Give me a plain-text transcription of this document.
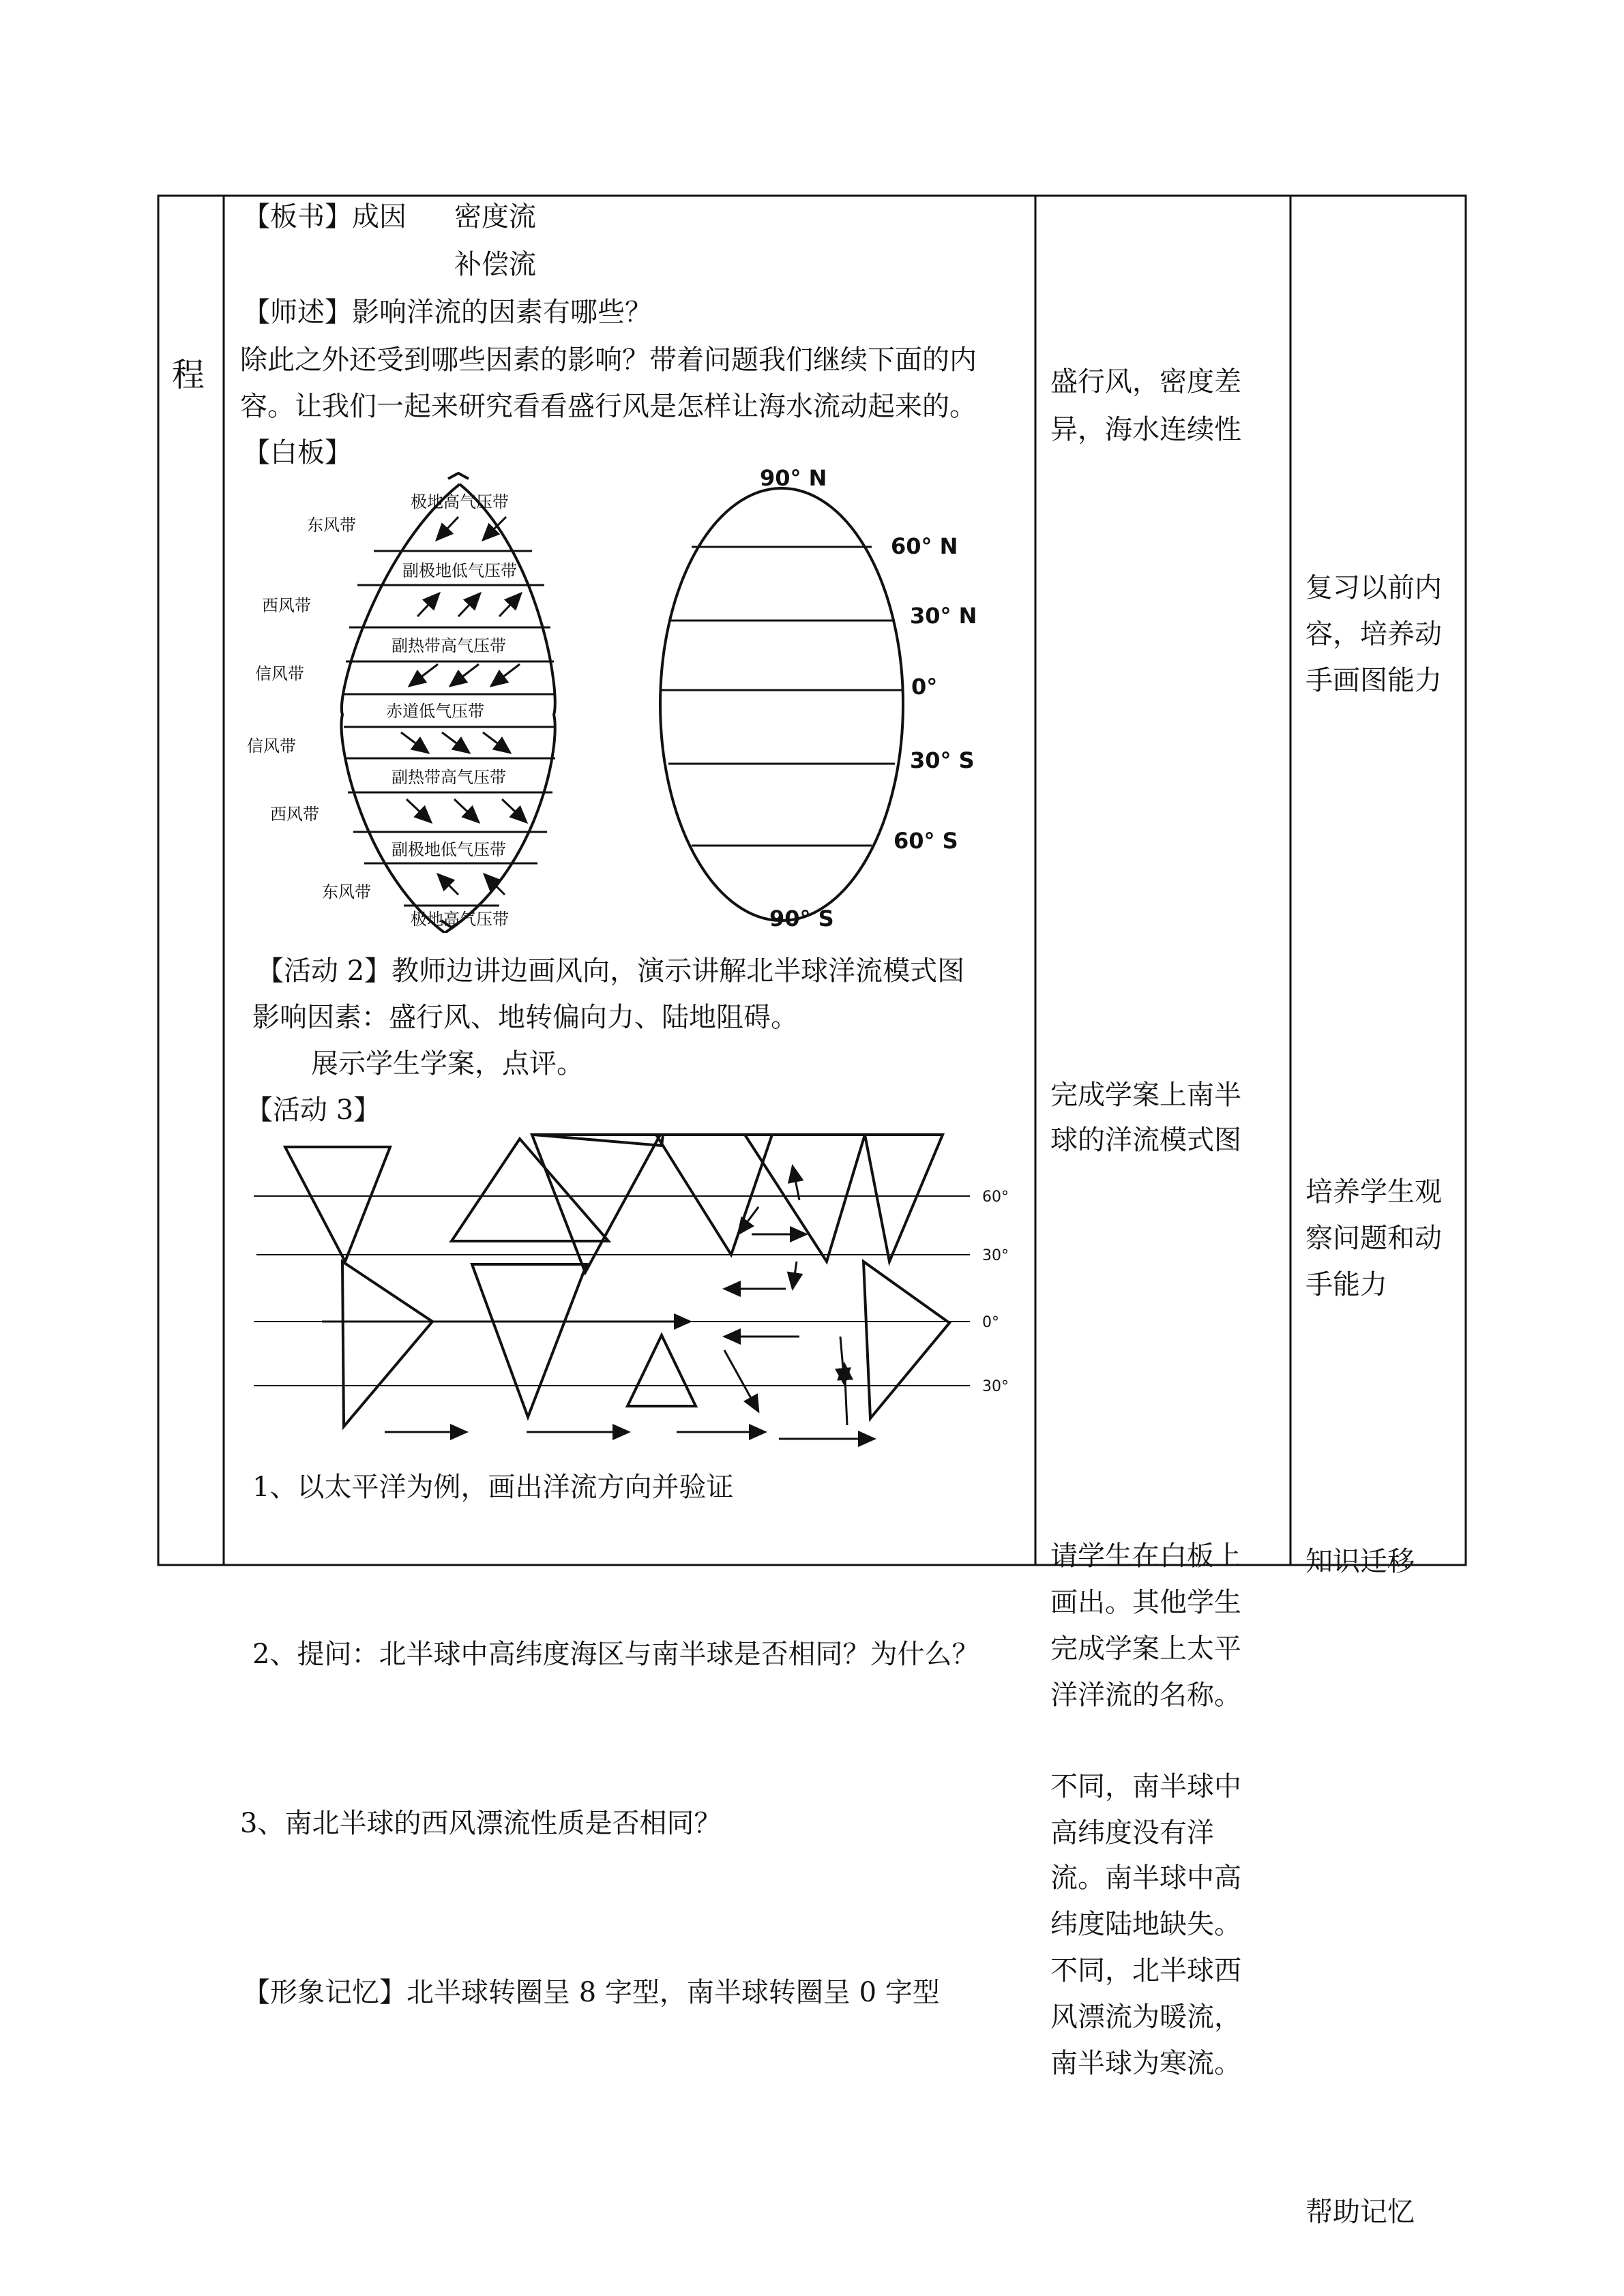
程
【板书】成因 密度流
补偿流
【师述】影响洋流的因素有哪些？
除此之外还受到哪些因素的影响？带着问题我们继续下面的内
容。让我们一起来研究看看盛行风是怎样让海水流动起来的。
【白板】
极地高气压带
副极地低气压带
副热带高气压带
赤道低气压带
副热带高气压带
副极地低气压带
极地高气压带
东风带
西风带
信风带
信风带
西风带
东风带
90° N
60° N
30° N
0°
30° S
60° S
90° S
【活动 2】教师边讲边画风向，演示讲解北半球洋流模式图
影响因素：盛行风、地转偏向力、陆地阻碍。
展示学生学案，点评。
【活动 3】
60°
30°
0°
30°
1、以太平洋为例，画出洋流方向并验证
2、提问：北半球中高纬度海区与南半球是否相同？为什么？
3、南北半球的西风漂流性质是否相同？
【形象记忆】北半球转圈呈 8 字型，南半球转圈呈 0 字型
盛行风，密度差
异，海水连续性
完成学案上南半
球的洋流模式图
请学生在白板上
画出。其他学生
完成学案上太平
洋洋流的名称。
不同，南半球中
高纬度没有洋
流。南半球中高
纬度陆地缺失。
不同，北半球西
风漂流为暖流，
南半球为寒流。
复习以前内
容，培养动
手画图能力
培养学生观
察问题和动
手能力
知识迁移
帮助记忆
